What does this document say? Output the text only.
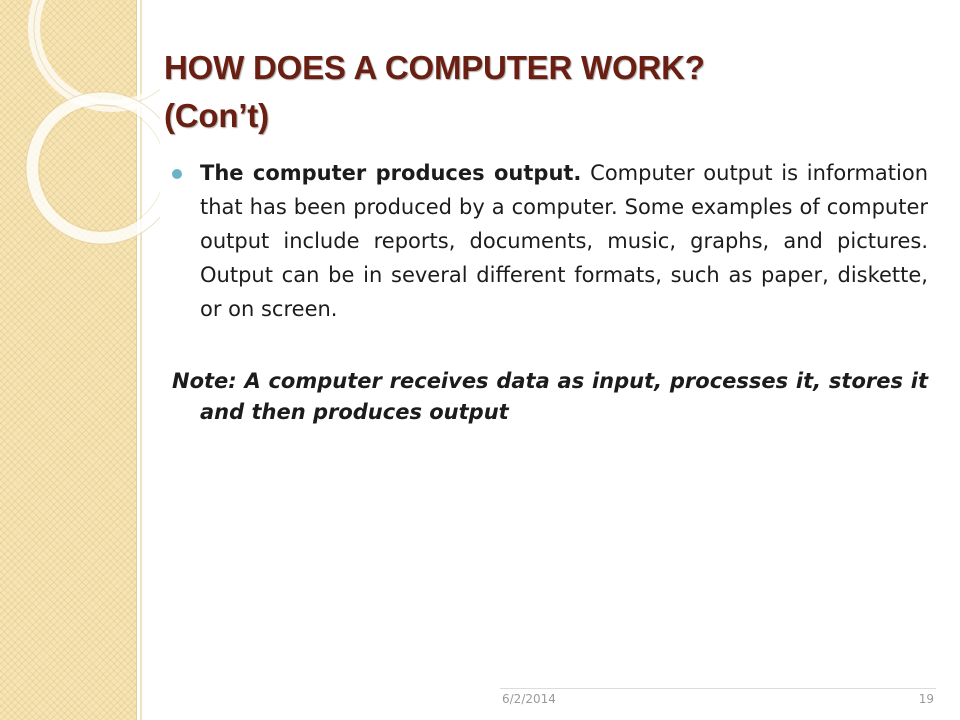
HOW DOES A COMPUTER WORK?
(Con’t)

The computer produces output. Computer output is information that has been produced by a computer. Some examples of computer output include reports, documents, music, graphs, and pictures. Output can be in several different formats, such as paper, diskette, or on screen.

Note: A computer receives data as input, processes it, stores it and then produces output

6/2/2014	19
